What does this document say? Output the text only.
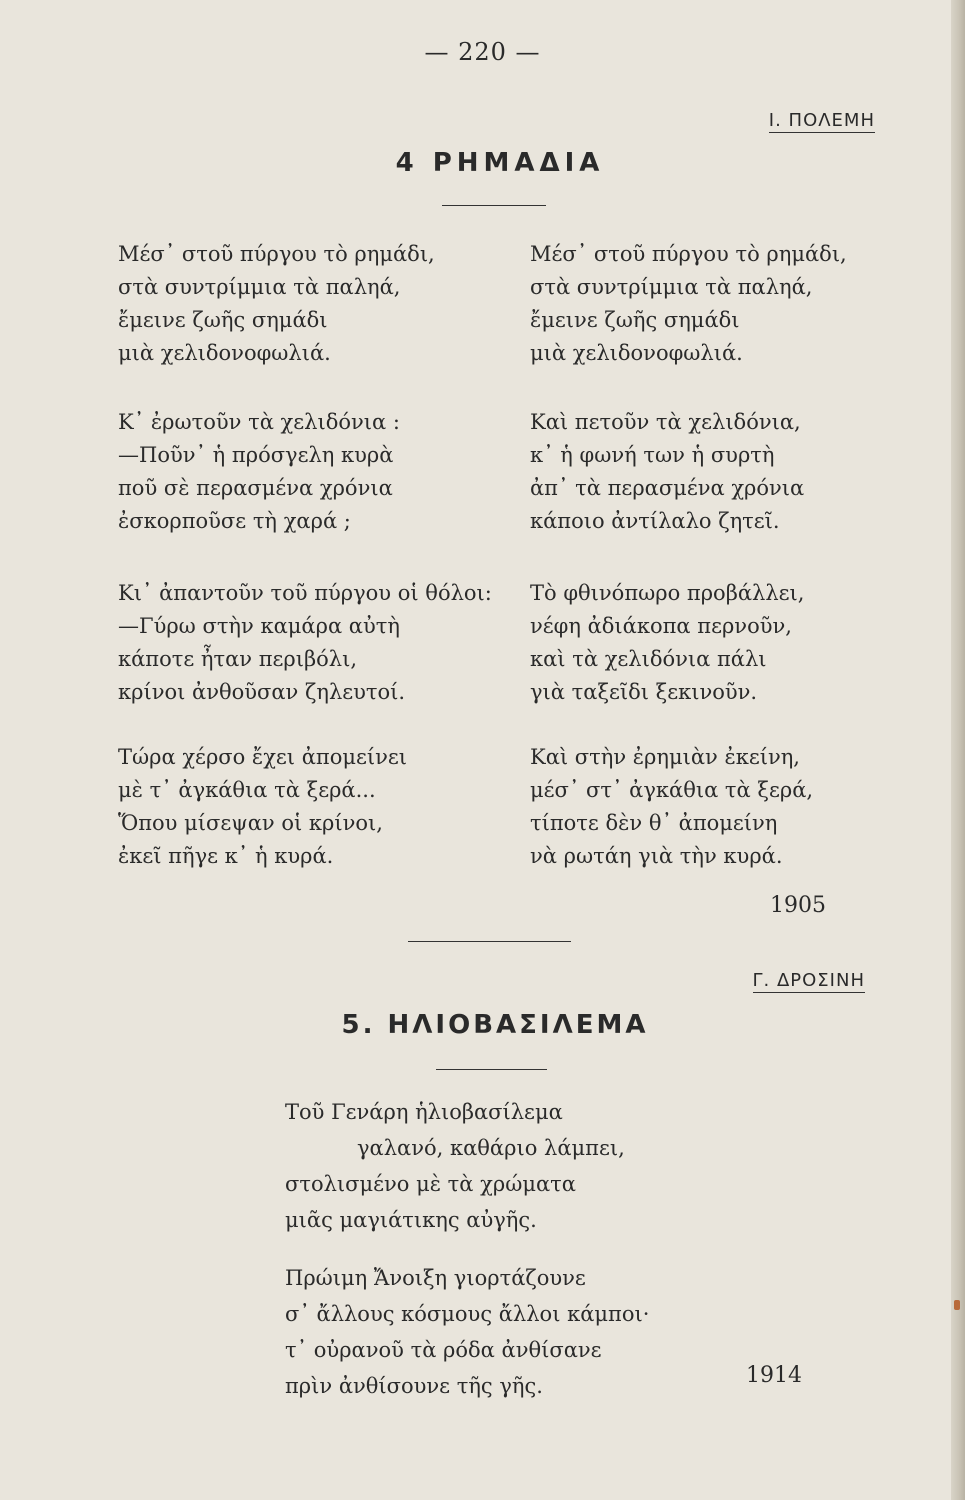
— 220 —
Ι. ΠΟΛΕΜΗ
4 ΡΗΜΑΔΙΑ
Μέσ᾽ στοῦ πύργου τὸ ρημάδι,
στὰ συντρίμμια τὰ παληά,
ἔμεινε ζωῆς σημάδι
μιὰ χελιδονοφωλιά.
Κ᾽ ἐρωτοῦν τὰ χελιδόνια :
—Ποῦν᾽ ἡ πρόσγελη κυρὰ
ποῦ σὲ περασμένα χρόνια
ἐσκορποῦσε τὴ χαρά ;
Κι᾽ ἀπαντοῦν τοῦ πύργου οἱ θόλοι:
—Γύρω στὴν καμάρα αὐτὴ
κάποτε ἦταν περιβόλι,
κρίνοι ἀνθοῦσαν ζηλευτοί.
Τώρα χέρσο ἔχει ἀπομείνει
μὲ τ᾽ ἀγκάθια τὰ ξερά...
Ὅπου μίσεψαν οἱ κρίνοι,
ἐκεῖ πῆγε κ᾽ ἡ κυρά.
Μέσ᾽ στοῦ πύργου τὸ ρημάδι,
στὰ συντρίμμια τὰ παληά,
ἔμεινε ζωῆς σημάδι
μιὰ χελιδονοφωλιά.
Καὶ πετοῦν τὰ χελιδόνια,
κ᾽ ἡ φωνή των ἡ συρτὴ
ἀπ᾽ τὰ περασμένα χρόνια
κάποιο ἀντίλαλο ζητεῖ.
Τὸ φθινόπωρο προβάλλει,
νέφη ἀδιάκοπα περνοῦν,
καὶ τὰ χελιδόνια πάλι
γιὰ ταξεῖδι ξεκινοῦν.
Καὶ στὴν ἐρημιὰν ἐκείνη,
μέσ᾽ στ᾽ ἀγκάθια τὰ ξερά,
τίποτε δὲν θ᾽ ἀπομείνη
νὰ ρωτάη γιὰ τὴν κυρά.
1905
Γ. ΔΡΟΣΙΝΗ
5. ΗΛΙΟΒΑΣΙΛΕΜΑ
Τοῦ Γενάρη ἡλιοβασίλεμα
γαλανό, καθάριο λάμπει,
στολισμένο μὲ τὰ χρώματα
μιᾶς μαγιάτικης αὐγῆς.
Πρώιμη Ἄνοιξη γιορτάζουνε
σ᾽ ἄλλους κόσμους ἄλλοι κάμποι·
τ᾽ οὐρανοῦ τὰ ρόδα ἀνθίσανε
πρὶν ἀνθίσουνε τῆς γῆς.	1914
